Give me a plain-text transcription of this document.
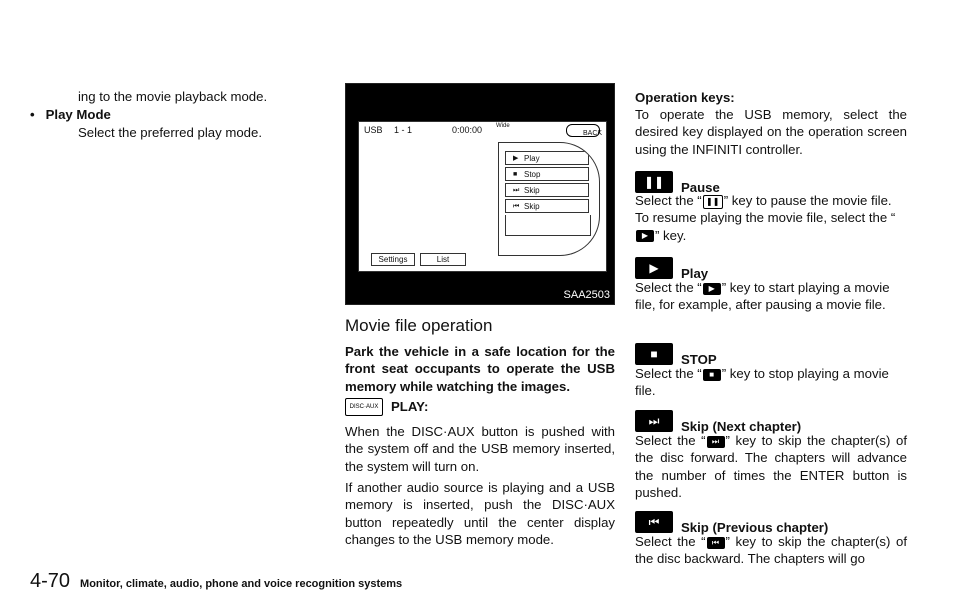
ing to the movie playback mode.

•   Play Mode

Select the preferred play mode.	USB 1 - 1	0:00:00 Wide
BACK
▶ Play
■ Stop
⏭ Skip
⏮ Skip
Settings	List
SAA2503
Movie file operation

Park the vehicle in a safe location for the front seat occupants to operate the USB memory while watching the images.

DISC·AUX PLAY:

When the DISC·AUX button is pushed with the system off and the USB memory inserted, the system will turn on.

If another audio source is playing and a USB memory is inserted, push the DISC·AUX button repeatedly until the center display changes to the USB memory mode.

Operation keys:

To operate the USB memory, select the desired key displayed on the operation screen using the INFINITI controller.

❚❚	Pause

Select the “ ❚❚ ” key to pause the movie file. To resume playing the movie file, select the “▶ ” key.

▶	Play

Select the “ ▶ ” key to start playing a movie file, for example, after pausing a movie file.

■	STOP

Select the “ ■ ” key to stop playing a movie file.

⏭	Skip (Next chapter)

Select the “ ⏭ ” key to skip the chapter(s) of the disc forward. The chapters will advance the number of times the ENTER button is pushed.

⏮	Skip (Previous chapter)

Select the “ ⏮ ” key to skip the chapter(s) of the disc backward. The chapters will go

4-70 Monitor, climate, audio, phone and voice recognition systems
